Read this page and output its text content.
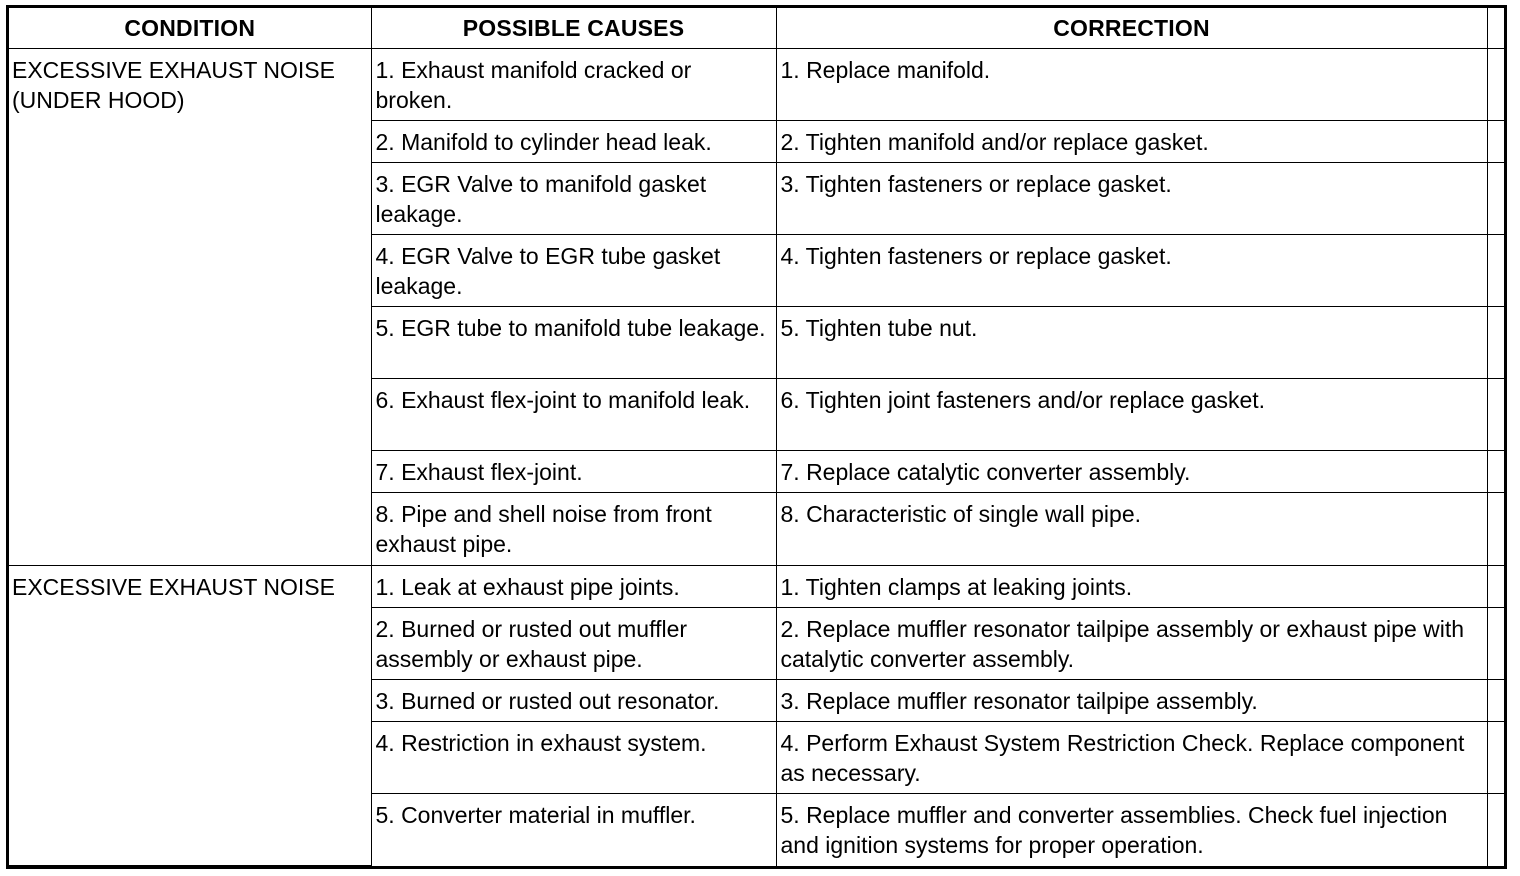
CONDITION	POSSIBLE CAUSES	CORRECTION	
EXCESSIVE EXHAUST NOISE (UNDER HOOD)	1. Exhaust manifold cracked or broken.	1. Replace manifold.	
	2. Manifold to cylinder head leak.	2. Tighten manifold and/or replace gasket.	
	3. EGR Valve to manifold gasket leakage.	3. Tighten fasteners or replace gasket.	
	4. EGR Valve to EGR tube gasket leakage.	4. Tighten fasteners or replace gasket.	
	5. EGR tube to manifold tube leakage.	5. Tighten tube nut.	
	6. Exhaust flex-joint to manifold leak.	6. Tighten joint fasteners and/or replace gasket.	
	7. Exhaust flex-joint.	7. Replace catalytic converter assembly.	
	8. Pipe and shell noise from front exhaust pipe.	8. Characteristic of single wall pipe.	
EXCESSIVE EXHAUST NOISE	1. Leak at exhaust pipe joints.	1. Tighten clamps at leaking joints.	
	2. Burned or rusted out muffler assembly or exhaust pipe.	2. Replace muffler resonator tailpipe assembly or exhaust pipe with catalytic converter assembly.	
	3. Burned or rusted out resonator.	3. Replace muffler resonator tailpipe assembly.	
	4. Restriction in exhaust system.	4. Perform Exhaust System Restriction Check. Replace component as necessary.	
	5. Converter material in muffler.	5. Replace muffler and converter assemblies. Check fuel injection and ignition systems for proper operation.	
